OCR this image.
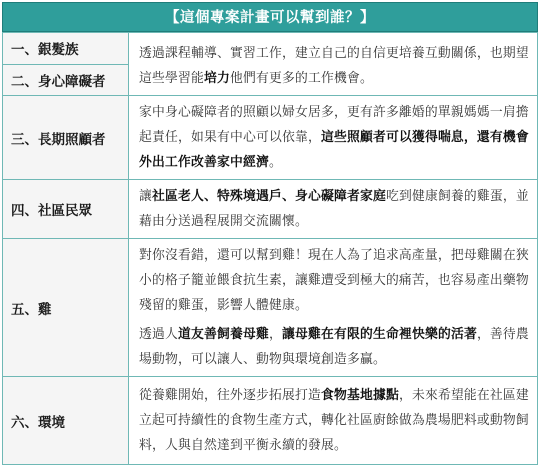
【這個專案計畫可以幫到誰？】
一、銀髮族	透過課程輔導、實習工作，建立自己的自信更培養互動關係，也期望這些學習能培力他們有更多的工作機會。
二、身心障礙者	
三、長期照顧者	家中身心礙障者的照顧以婦女居多，更有許多離婚的單親媽媽一肩擔起責任，如果有中心可以依靠，這些照顧者可以獲得喘息，還有機會外出工作改善家中經濟。
四、社區民眾	讓社區老人、特殊境遇戶、身心礙障者家庭吃到健康飼養的雞蛋，並藉由分送過程展開交流關懷。
五、雞	對你沒看錯，還可以幫到雞！現在人為了追求高產量，把母雞關在狹小的格子籠並餵食抗生素，讓雞遭受到極大的痛苦，也容易產出藥物殘留的雞蛋，影響人體健康。
透過人道友善飼養母雞，讓母雞在有限的生命裡快樂的活著，善待農場動物，可以讓人、動物與環境創造多贏。

六、環境	從養雞開始，往外逐步拓展打造食物基地據點，未來希望能在社區建立起可持續性的食物生產方式，轉化社區廚餘做為農場肥料或動物飼料，人與自然達到平衡永續的發展。
